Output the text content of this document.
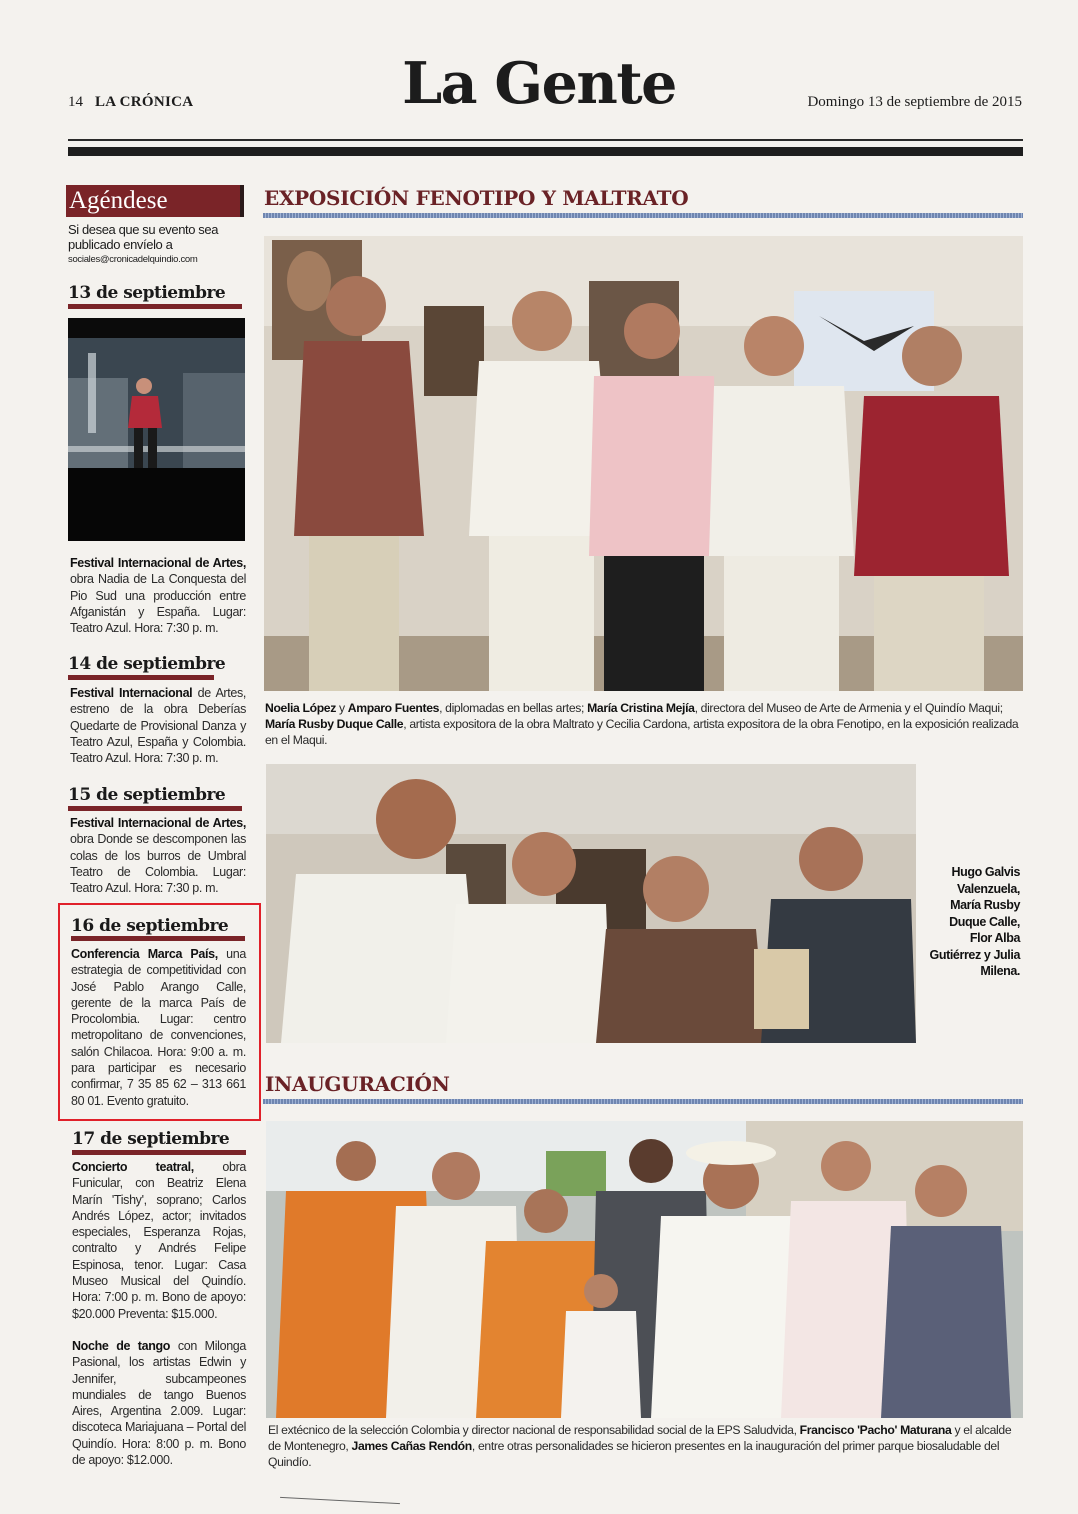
14 LA CRÓNICA	La Gente	Domingo 13 de septiembre de 2015
Agéndese
Si desea que su evento sea publicado envíelo a
sociales@cronicadelquindio.com
13 de septiembre
Festival Internacional de Artes, obra Nadia de La Conquesta del Pio Sud una producción entre Afganistán y España. Lugar: Teatro Azul. Hora: 7:30 p. m.
14 de septiembre
Festival Internacional de Artes, estreno de la obra Deberías Quedarte de Provisional Danza y Teatro Azul, España y Colombia. Teatro Azul. Hora: 7:30 p. m.
15 de septiembre
Festival Internacional de Artes, obra Donde se descomponen las colas de los burros de Umbral Teatro de Colombia. Lugar: Teatro Azul. Hora: 7:30 p. m.
16 de septiembre
Conferencia Marca País, una estrategia de competitividad con José Pablo Arango Calle, gerente de la marca País de Procolombia. Lugar: centro metropolitano de convenciones, salón Chilacoa. Hora: 9:00 a. m. para participar es necesario confirmar, 7 35 85 62 – 313 661 80 01. Evento gratuito.
17 de septiembre
Concierto teatral, obra Funicular, con Beatriz Elena Marín 'Tishy', soprano; Carlos Andrés López, actor; invitados especiales, Esperanza Rojas, contralto y Andrés Felipe Espinosa, tenor. Lugar: Casa Museo Musical del Quindío. Hora: 7:00 p. m. Bono de apoyo: $20.000 Preventa: $15.000.
Noche de tango con Milonga Pasional, los artistas Edwin y Jennifer, subcampeones mundiales de tango Buenos Aires, Argentina 2.009. Lugar: discoteca Mariajuana – Portal del Quindío. Hora: 8:00 p. m. Bono de apoyo: $12.000.
EXPOSICIÓN FENOTIPO Y MALTRATO
Noelia López y Amparo Fuentes, diplomadas en bellas artes; María Cristina Mejía, directora del Museo de Arte de Armenia y el Quindío Maqui; María Rusby Duque Calle, artista expositora de la obra Maltrato y Cecilia Cardona, artista expositora de la obra Fenotipo, en la exposición realizada en el Maqui.
Hugo Galvis Valenzuela, María Rusby Duque Calle, Flor Alba Gutiérrez y Julia Milena.
INAUGURACIÓN
El extécnico de la selección Colombia y director nacional de responsabilidad social de la EPS Saludvida, Francisco 'Pacho' Maturana y el alcalde de Montenegro, James Cañas Rendón, entre otras personalidades se hicieron presentes en la inauguración del primer parque biosaludable del Quindío.
